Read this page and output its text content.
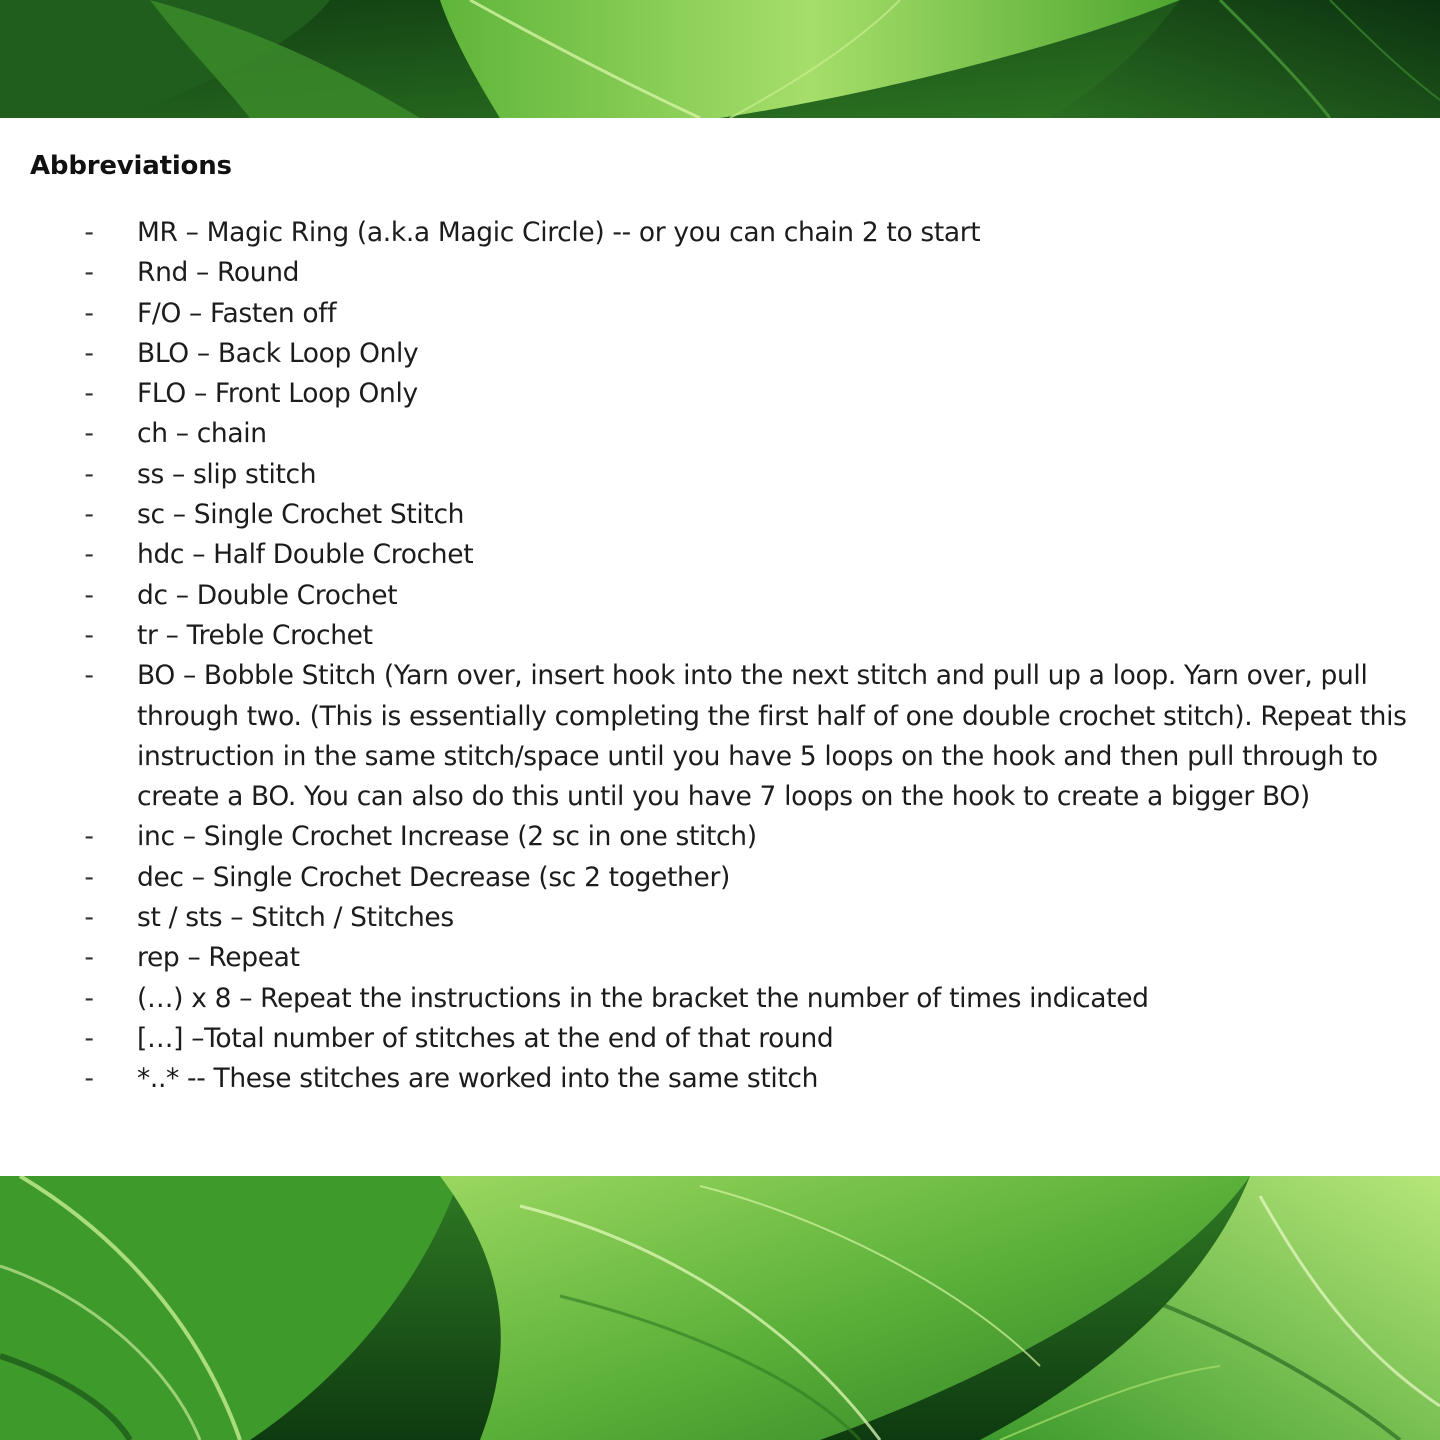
Abbreviations
- MR – Magic Ring (a.k.a Magic Circle) -- or you can chain 2 to start
- Rnd – Round
- F/O – Fasten off
- BLO – Back Loop Only
- FLO – Front Loop Only
- ch – chain
- ss – slip stitch
- sc – Single Crochet Stitch
- hdc – Half Double Crochet
- dc – Double Crochet
- tr – Treble Crochet
- BO – Bobble Stitch (Yarn over, insert hook into the next stitch and pull up a loop. Yarn over, pull through two. (This is essentially completing the first half of one double crochet stitch). Repeat this instruction in the same stitch/space until you have 5 loops on the hook and then pull through to create a BO. You can also do this until you have 7 loops on the hook to create a bigger BO)
- inc – Single Crochet Increase (2 sc in one stitch)
- dec – Single Crochet Decrease (sc 2 together)
- st / sts – Stitch / Stitches
- rep – Repeat
- (…) x 8 – Repeat the instructions in the bracket the number of times indicated
- […] –Total number of stitches at the end of that round
- *..* -- These stitches are worked into the same stitch
